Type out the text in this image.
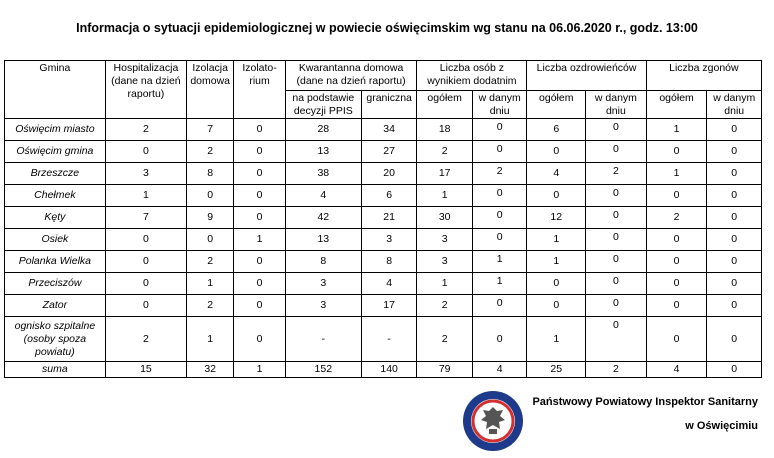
Informacja o sytuacji epidemiologicznej w powiecie oświęcimskim wg stanu na 06.06.2020 r., godz. 13:00
Gmina	Hospitalizacja (dane na dzień raportu)	Izolacja domowa	Izolato-rium	Kwarantanna domowa (dane na dzień raportu)		Liczba osób z wynikiem dodatnim		Liczba ozdrowieńców		Liczba zgonów	
				na podstawie decyzji PPIS	graniczna	ogółem	w danym dniu	ogółem	w danym dniu	ogółem	w danym dniu
Oświęcim miasto	2	7	0	28	34	18	0	6	0	1	0
Oświęcim gmina	0	2	0	13	27	2	0	0	0	0	0
Brzeszcze	3	8	0	38	20	17	2	4	2	1	0
Chełmek	1	0	0	4	6	1	0	0	0	0	0
Kęty	7	9	0	42	21	30	0	12	0	2	0
Osiek	0	0	1	13	3	3	0	1	0	0	0
Polanka Wielka	0	2	0	8	8	3	1	1	0	0	0
Przeciszów	0	1	0	3	4	1	1	0	0	0	0
Zator	0	2	0	3	17	2	0	0	0	0	0
ognisko szpitalne (osoby spoza powiatu)	2	1	0	-	-	2	0	1	0	0	0
suma	15	32	1	152	140	79	4	25	2	4	0
Państwowy Powiatowy Inspektor Sanitarny
w Oświęcimiu
